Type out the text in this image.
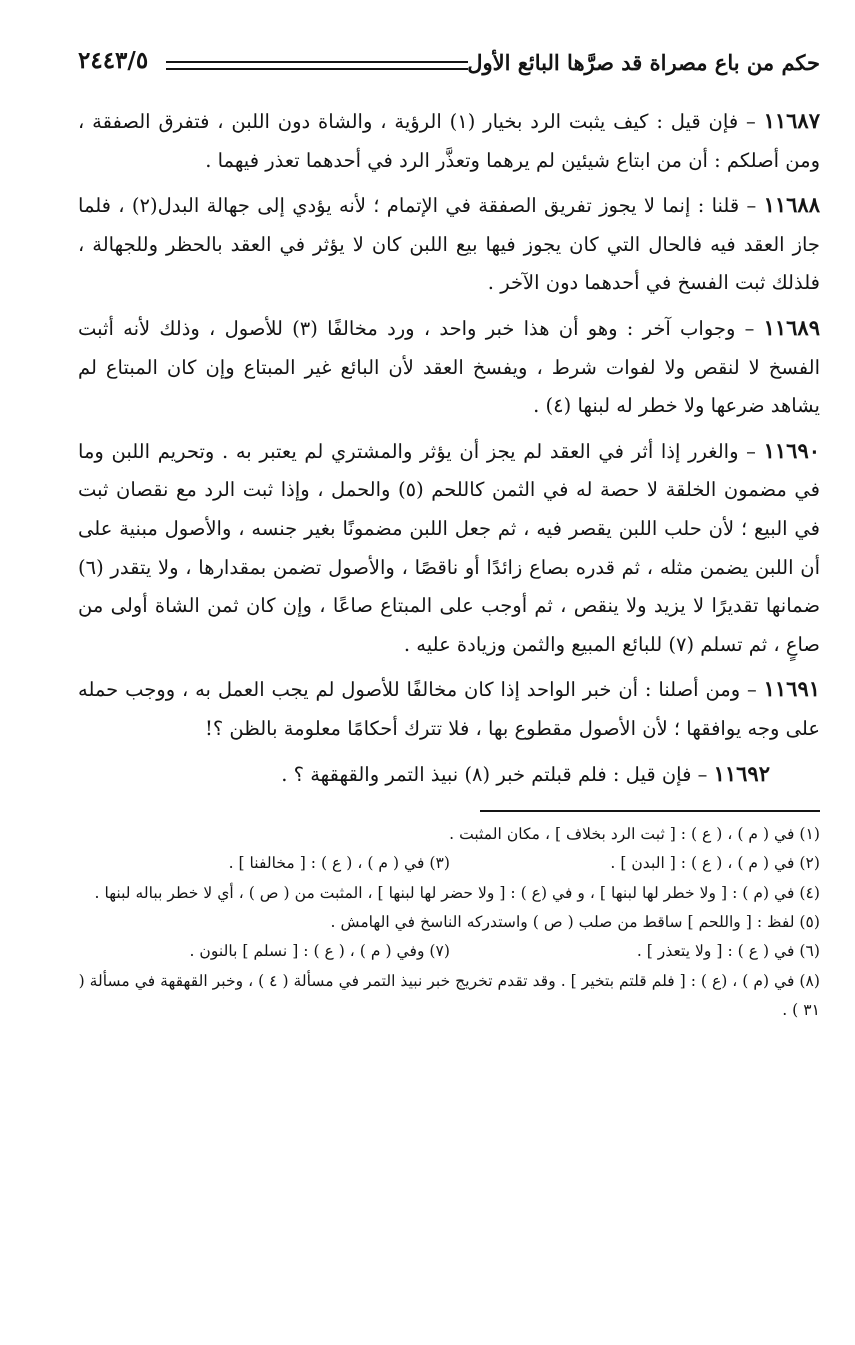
حكم من باع مصراة قد صرَّها البائع الأول
٢٤٤٣/٥

١١٦٨٧ – فإن قيل : كيف يثبت الرد بخيار (١) الرؤية ، والشاة دون اللبن ، فتفرق الصفقة ، ومن أصلكم : أن من ابتاع شيئين لم يرهما وتعذَّر الرد في أحدهما تعذر فيهما .

١١٦٨٨ – قلنا : إنما لا يجوز تفريق الصفقة في الإتمام ؛ لأنه يؤدي إلى جهالة البدل(٢) ، فلما جاز العقد فيه فالحال التي كان يجوز فيها بيع اللبن كان لا يؤثر في العقد بالحظر وللجهالة ، فلذلك ثبت الفسخ في أحدهما دون الآخر .

١١٦٨٩ – وجواب آخر : وهو أن هذا خبر واحد ، ورد مخالفًا (٣) للأصول ، وذلك لأنه أثبت الفسخ لا لنقص ولا لفوات شرط ، ويفسخ العقد لأن البائع غير المبتاع وإن كان المبتاع لم يشاهد ضرعها ولا خطر له لبنها (٤) .

١١٦٩٠ – والغرر إذا أثر في العقد لم يجز أن يؤثر والمشتري لم يعتبر به . وتحريم اللبن وما في مضمون الخلقة لا حصة له في الثمن كاللحم (٥) والحمل ، وإذا ثبت الرد مع نقصان ثبت في البيع ؛ لأن حلب اللبن يقصر فيه ، ثم جعل اللبن مضمونًا بغير جنسه ، والأصول مبنية على أن اللبن يضمن مثله ، ثم قدره بصاع زائدًا أو ناقصًا ، والأصول تضمن بمقدارها ، ولا يتقدر (٦) ضمانها تقديرًا لا يزيد ولا ينقص ، ثم أوجب على المبتاع صاعًا ، وإن كان ثمن الشاة أولى من صاعٍ ، ثم تسلم (٧) للبائع المبيع والثمن وزيادة عليه .

١١٦٩١ – ومن أصلنا : أن خبر الواحد إذا كان مخالفًا للأصول لم يجب العمل به ، ووجب حمله على وجه يوافقها ؛ لأن الأصول مقطوع بها ، فلا تترك أحكامًا معلومة بالظن ؟!

١١٦٩٢ – فإن قيل : فلم قبلتم خبر (٨) نبيذ التمر والقهقهة ؟ .

(١) في ( م ) ، ( ع ) : [ ثبت الرد بخلاف ] ، مكان المثبت .

(٢) في ( م ) ، ( ع ) : [ البدن ] .

(٣) في ( م ) ، ( ع ) : [ مخالفنا ] .

(٤) في (م ) : [ ولا خطر لها لبنها ] ، و في (ع ) : [ ولا حضر لها لبنها ] ، المثبت من ( ص ) ، أي لا خطر بباله لبنها .

(٥) لفظ : [ واللحم ] ساقط من صلب ( ص ) واستدركه الناسخ في الهامش .

(٦) في ( ع ) : [ ولا يتعذر ] .

(٧) وفي ( م ) ، ( ع ) : [ نسلم ] بالنون .

(٨) في (م ) ، (ع ) : [ فلم قلتم بتخير ] . وقد تقدم تخريج خبر نبيذ التمر في مسألة ( ٤ ) ، وخبر القهقهة في مسألة ( ٣١ ) .
